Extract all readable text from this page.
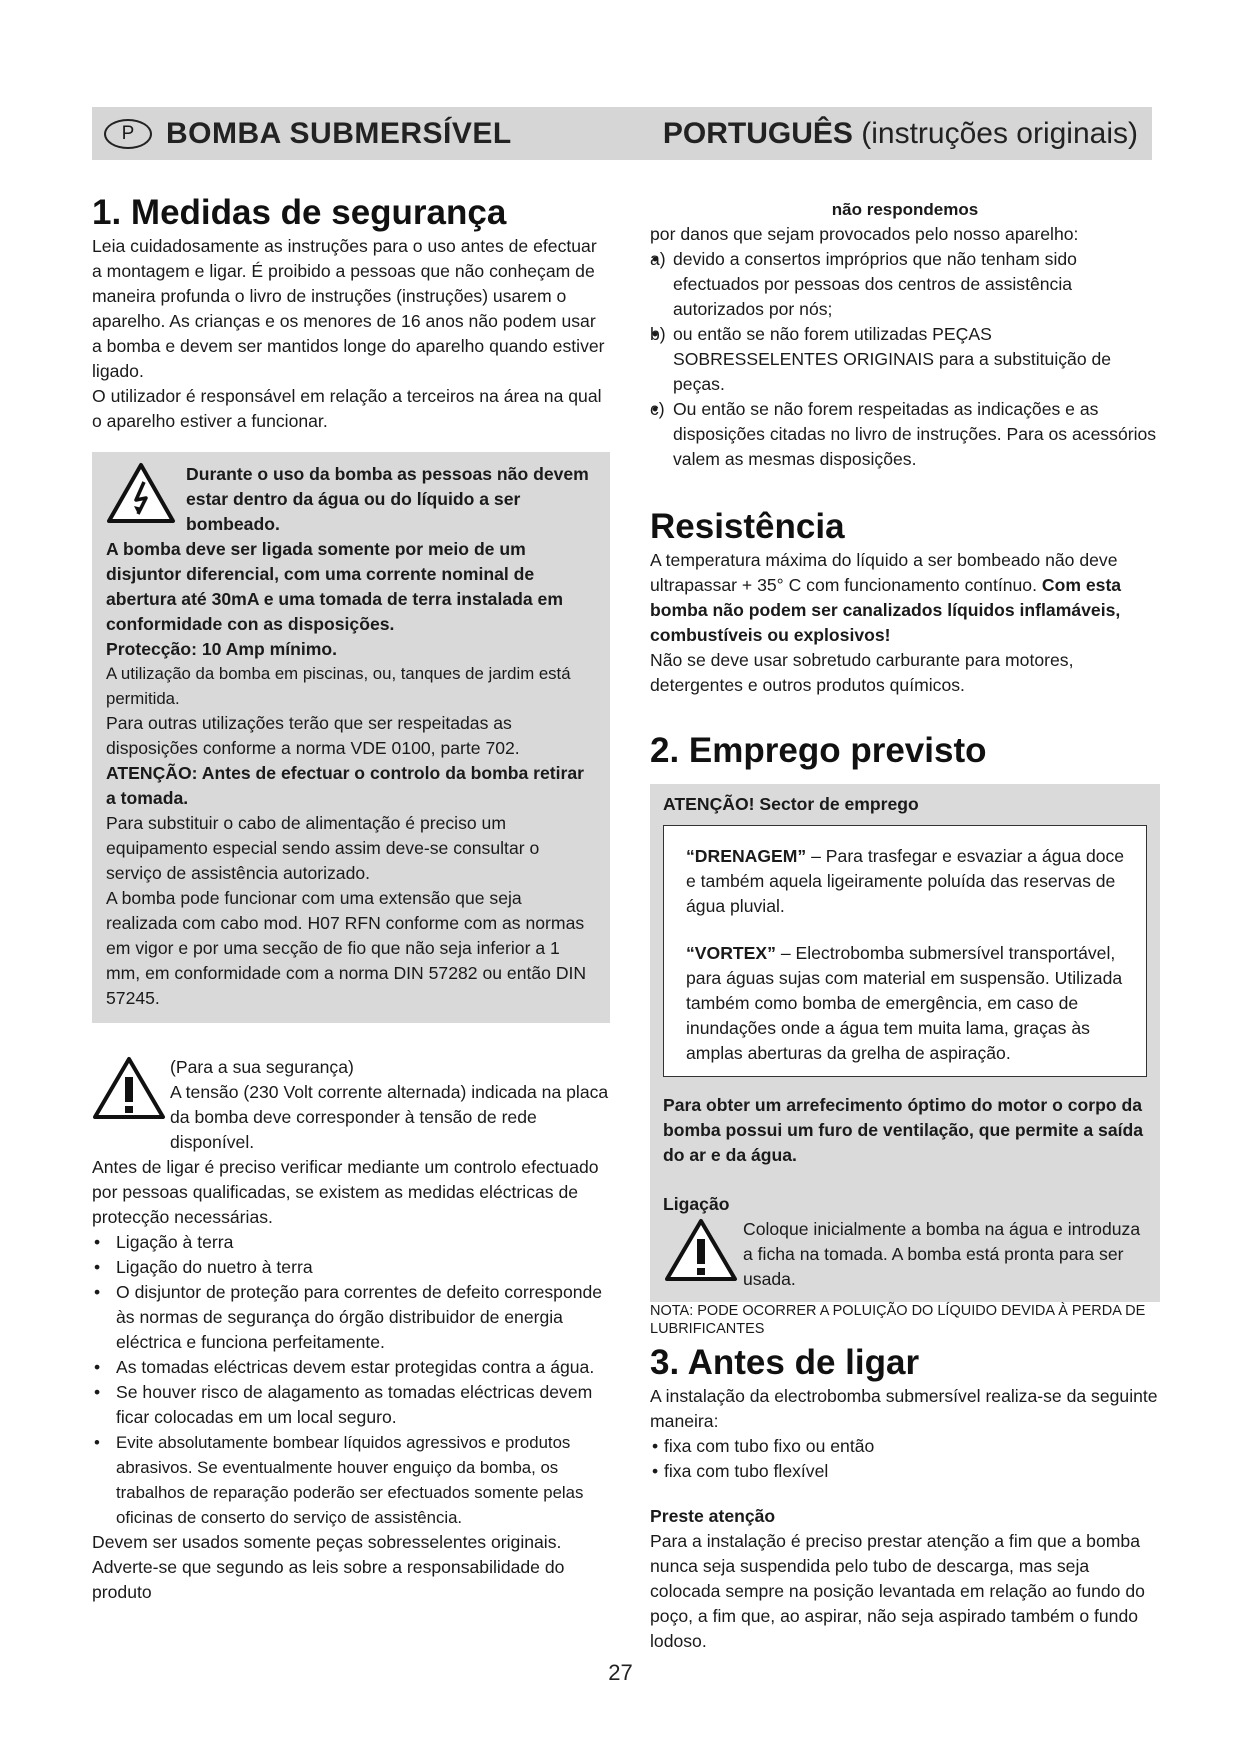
P	BOMBA SUBMERSÍVEL	PORTUGUÊS (instruções originais)
1. Medidas de segurança

Leia cuidadosamente as instruções para o uso antes de efectuar a montagem e ligar. É proibido a pessoas que não conheçam de maneira profunda o livro de instruções (instruções) usarem o aparelho. As crianças e os menores de 16 anos não podem usar a bomba e devem ser mantidos longe do aparelho quando estiver ligado.

O utilizador é responsável em relação a terceiros na área na qual o aparelho estiver a funcionar.

Durante o uso da bomba as pessoas não devem estar dentro da água ou do líquido a ser bombeado.

A bomba deve ser ligada somente por meio de um disjuntor diferencial, com uma corrente nominal de abertura até 30mA e uma tomada de terra instalada em conformidade con as disposições.

Protecção: 10 Amp mínimo.

A utilização da bomba em piscinas, ou, tanques de jardim está permitida.

Para outras utilizações terão que ser respeitadas as disposições conforme a norma VDE 0100, parte 702.

ATENÇÃO: Antes de efectuar o controlo da bomba retirar a tomada.

Para substituir o cabo de alimentação é preciso um equipamento especial sendo assim deve-se consultar o serviço de assistência autorizado.

A bomba pode funcionar com uma extensão que seja realizada com cabo mod. H07 RFN conforme com as normas em vigor e por uma secção de fio que não seja inferior a 1 mm, em conformidade com a norma DIN 57282 ou então DIN 57245.

(Para a sua segurança)

A tensão (230 Volt corrente alternada) indicada na placa da bomba deve corresponder à tensão de rede disponível.

Antes de ligar é preciso verificar mediante um controlo efectuado por pessoas qualificadas, se existem as medidas eléctricas de protecção necessárias.

• Ligação à terra
• Ligação do nuetro à terra
• O disjuntor de proteção para correntes de defeito corresponde às normas de segurança do órgão distribuidor de energia eléctrica e funciona perfeitamente.
• As tomadas eléctricas devem estar protegidas contra a água.
• Se houver risco de alagamento as tomadas eléctricas devem ficar colocadas em um local seguro.
• Evite absolutamente bombear líquidos agressivos e produtos abrasivos. Se eventualmente houver enguiço da bomba, os trabalhos de reparação poderão ser efectuados somente pelas oficinas de conserto do serviço de assistência.

Devem ser usados somente peças sobresselentes originais. Adverte-se que segundo as leis sobre a responsabilidade do produto

não respondemos

por danos que sejam provocados pelo nosso aparelho:

• a) devido a consertos impróprios que não tenham sido efectuados por pessoas dos centros de assistência autorizados por nós;
• b) ou então se não forem utilizadas PEÇAS SOBRESSELENTES ORIGINAIS para a substituição de peças.
• c) Ou então se não forem respeitadas as indicações e as disposições citadas no livro de instruções. Para os acessórios valem as mesmas disposições.
Resistência

A temperatura máxima do líquido a ser bombeado não deve ultrapassar + 35° C com funcionamento contínuo. Com esta bomba não podem ser canalizados líquidos inflamáveis, combustíveis ou explosivos!

Não se deve usar sobretudo carburante para motores, detergentes e outros produtos químicos.

2. Emprego previsto

ATENÇÃO! Sector de emprego

“DRENAGEM” – Para trasfegar e esvaziar a água doce e também aquela ligeiramente poluída das reservas de água pluvial.

“VORTEX” – Electrobomba submersível transportável, para águas sujas com material em suspensão. Utilizada também como bomba de emergência, em caso de inundações onde a água tem muita lama, graças às amplas aberturas da grelha de aspiração.

Para obter um arrefecimento óptimo do motor o corpo da bomba possui um furo de ventilação, que permite a saída do ar e da água.

Ligação

Coloque inicialmente a bomba na água e introduza a ficha na tomada. A bomba está pronta para ser usada.

NOTA: PODE OCORRER A POLUIÇÃO DO LÍQUIDO DEVIDA À PERDA DE LUBRIFICANTES

3. Antes de ligar

A instalação da electrobomba submersível realiza-se da seguinte maneira:

• fixa com tubo fixo ou então
• fixa com tubo flexível

Preste atenção

Para a instalação é preciso prestar atenção a fim que a bomba nunca seja suspendida pelo tubo de descarga, mas seja colocada sempre na posição levantada em relação ao fundo do poço, a fim que, ao aspirar, não seja aspirado também o fundo lodoso.

27
